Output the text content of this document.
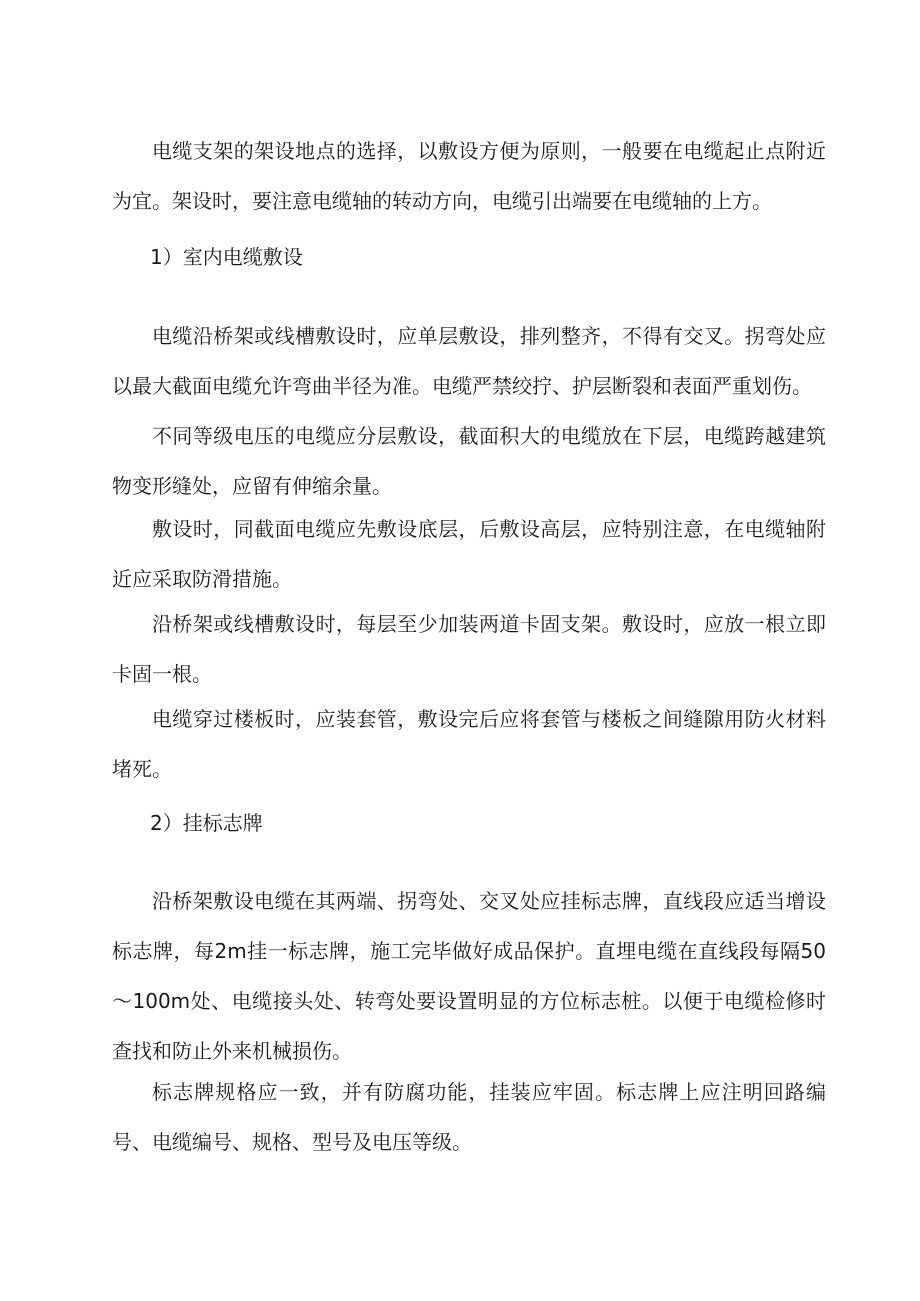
电缆支架的架设地点的选择，以敷设方便为原则，一般要在电缆起止点附近为宜。架设时，要注意电缆轴的转动方向，电缆引出端要在电缆轴的上方。

1）室内电缆敷设

电缆沿桥架或线槽敷设时，应单层敷设，排列整齐，不得有交叉。拐弯处应以最大截面电缆允许弯曲半径为准。电缆严禁绞拧、护层断裂和表面严重划伤。

不同等级电压的电缆应分层敷设，截面积大的电缆放在下层，电缆跨越建筑物变形缝处，应留有伸缩余量。

敷设时，同截面电缆应先敷设底层，后敷设高层，应特别注意，在电缆轴附近应采取防滑措施。

沿桥架或线槽敷设时，每层至少加装两道卡固支架。敷设时，应放一根立即卡固一根。

电缆穿过楼板时，应装套管，敷设完后应将套管与楼板之间缝隙用防火材料堵死。

2）挂标志牌

沿桥架敷设电缆在其两端、拐弯处、交叉处应挂标志牌，直线段应适当增设标志牌，每2m挂一标志牌，施工完毕做好成品保护。直埋电缆在直线段每隔50～100m处、电缆接头处、转弯处要设置明显的方位标志桩。以便于电缆检修时查找和防止外来机械损伤。

标志牌规格应一致，并有防腐功能，挂装应牢固。标志牌上应注明回路编号、电缆编号、规格、型号及电压等级。
